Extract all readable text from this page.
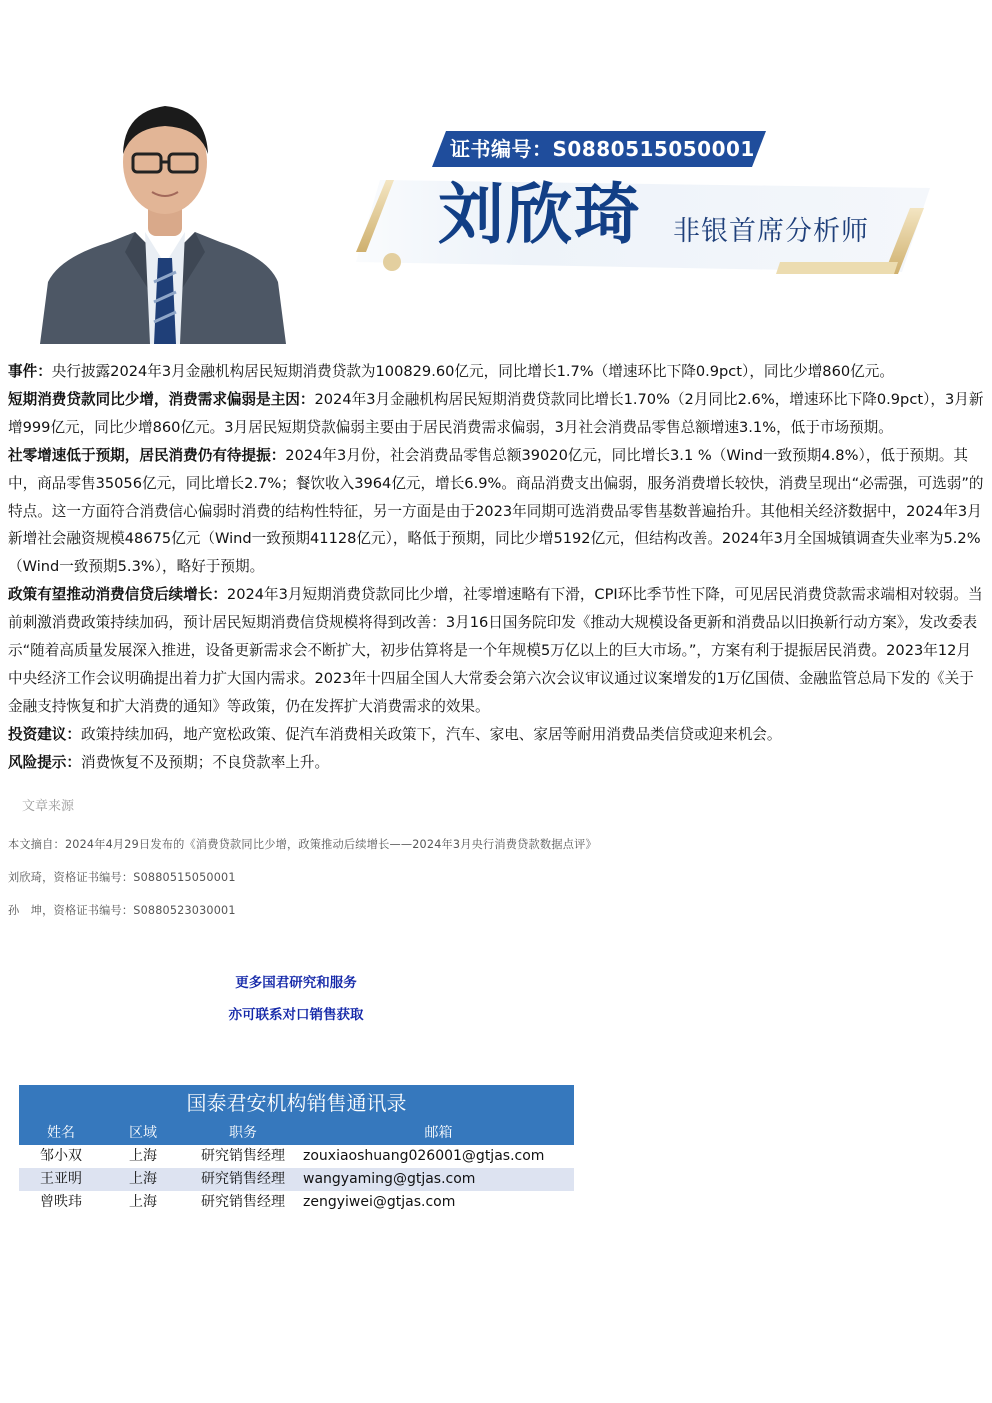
证书编号：S0880515050001
刘欣琦 非银首席分析师

事件：央行披露2024年3月金融机构居民短期消费贷款为100829.60亿元，同比增长1.7%（增速环比下降0.9pct），同比少增860亿元。

短期消费贷款同比少增，消费需求偏弱是主因：2024年3月金融机构居民短期消费贷款同比增长1.70%（2月同比2.6%，增速环比下降0.9pct），3月新增999亿元，同比少增860亿元。3月居民短期贷款偏弱主要由于居民消费需求偏弱，3月社会消费品零售总额增速3.1%，低于市场预期。

社零增速低于预期，居民消费仍有待提振：2024年3月份，社会消费品零售总额39020亿元，同比增长3.1 %（Wind一致预期4.8%），低于预期。其中，商品零售35056亿元，同比增长2.7%；餐饮收入3964亿元，增长6.9%。商品消费支出偏弱，服务消费增长较快，消费呈现出“必需强，可选弱”的特点。这一方面符合消费信心偏弱时消费的结构性特征，另一方面是由于2023年同期可选消费品零售基数普遍抬升。其他相关经济数据中，2024年3月新增社会融资规模48675亿元（Wind一致预期41128亿元），略低于预期，同比少增5192亿元，但结构改善。2024年3月全国城镇调查失业率为5.2%（Wind一致预期5.3%），略好于预期。

政策有望推动消费信贷后续增长：2024年3月短期消费贷款同比少增，社零增速略有下滑，CPI环比季节性下降，可见居民消费贷款需求端相对较弱。当前刺激消费政策持续加码，预计居民短期消费信贷规模将得到改善：3月16日国务院印发《推动大规模设备更新和消费品以旧换新行动方案》，发改委表示“随着高质量发展深入推进，设备更新需求会不断扩大，初步估算将是一个年规模5万亿以上的巨大市场。”，方案有利于提振居民消费。2023年12月中央经济工作会议明确提出着力扩大国内需求。2023年十四届全国人大常委会第六次会议审议通过议案增发的1万亿国债、金融监管总局下发的《关于金融支持恢复和扩大消费的通知》等政策，仍在发挥扩大消费需求的效果。

投资建议：政策持续加码，地产宽松政策、促汽车消费相关政策下，汽车、家电、家居等耐用消费品类信贷或迎来机会。

风险提示：消费恢复不及预期；不良贷款率上升。

文章来源
本文摘自：2024年4月29日发布的《消费贷款同比少增，政策推动后续增长——2024年3月央行消费贷款数据点评》
刘欣琦，资格证书编号：S0880515050001
孙　坤，资格证书编号：S0880523030001
更多国君研究和服务
亦可联系对口销售获取
国泰君安机构销售通讯录
姓名	区域	职务	邮箱
邹小双	上海	研究销售经理	zouxiaoshuang026001@gtjas.com
王亚明	上海	研究销售经理	wangyaming@gtjas.com
曾昳玮	上海	研究销售经理	zengyiwei@gtjas.com
